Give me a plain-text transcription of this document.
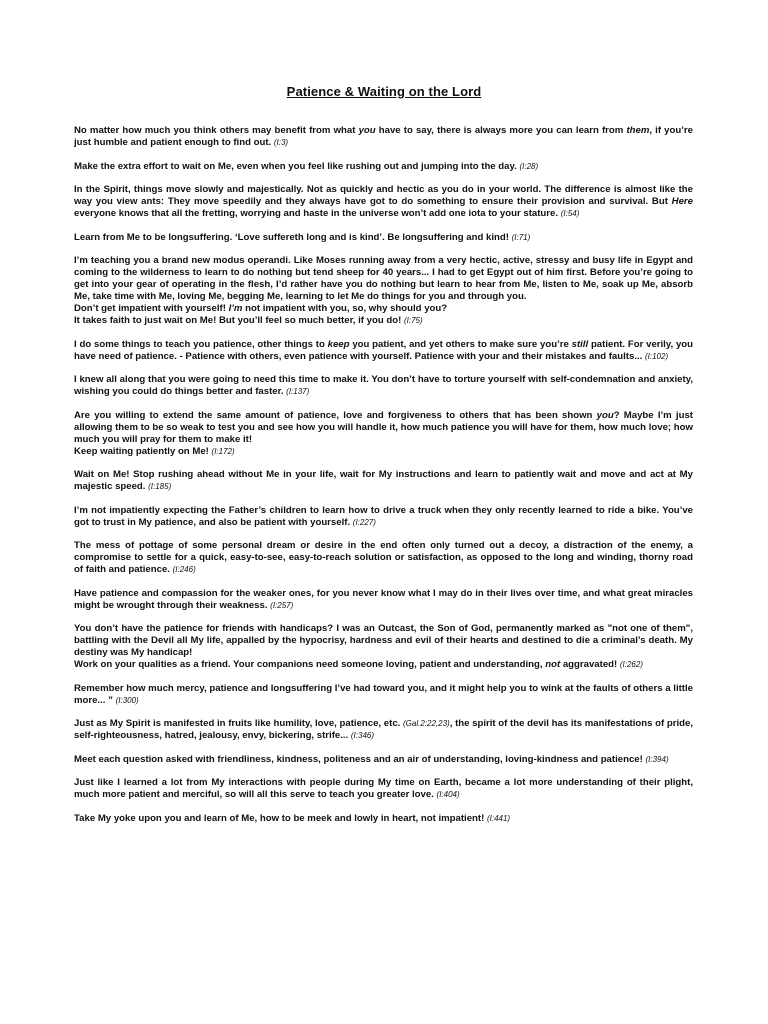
Patience & Waiting on the Lord

No matter how much you think others may benefit from what you have to say, there is always more you can learn from them, if you’re just humble and patient enough to find out. (I:3)

Make the extra effort to wait on Me, even when you feel like rushing out and jumping into the day. (I:28)

In the Spirit, things move slowly and majestically. Not as quickly and hectic as you do in your world. The difference is almost like the way you view ants: They move speedily and they always have got to do something to ensure their provision and survival. But Here everyone knows that all the fretting, worrying and haste in the universe won’t add one iota to your stature. (I:54)

Learn from Me to be longsuffering. ‘Love suffereth long and is kind’. Be longsuffering and kind! (I:71)

I’m teaching you a brand new modus operandi. Like Moses running away from a very hectic, active, stressy and busy life in Egypt and coming to the wilderness to learn to do nothing but tend sheep for 40 years... I had to get Egypt out of him first. Before you’re going to get into your gear of operating in the flesh, I’d rather have you do nothing but learn to hear from Me, listen to Me, soak up Me, absorb Me, take time with Me, loving Me, begging Me, learning to let Me do things for you and through you.
Don’t get impatient with yourself! I’m not impatient with you, so, why should you?
It takes faith to just wait on Me! But you’ll feel so much better, if you do! (I:75)

I do some things to teach you patience, other things to keep you patient, and yet others to make sure you’re still patient. For verily, you have need of patience. - Patience with others, even patience with yourself. Patience with your and their mistakes and faults... (I:102)

I knew all along that you were going to need this time to make it. You don’t have to torture yourself with self-condemnation and anxiety, wishing you could do things better and faster. (I:137)

Are you willing to extend the same amount of patience, love and forgiveness to others that has been shown you? Maybe I’m just allowing them to be so weak to test you and see how you will handle it, how much patience you will have for them, how much love; how much you will pray for them to make it!
Keep waiting patiently on Me! (I:172)

Wait on Me! Stop rushing ahead without Me in your life, wait for My instructions and learn to patiently wait and move and act at My majestic speed. (I:185)

I’m not impatiently expecting the Father’s children to learn how to drive a truck when they only recently learned to ride a bike. You’ve got to trust in My patience, and also be patient with yourself. (I:227)

The mess of pottage of some personal dream or desire in the end often only turned out a decoy, a distraction of the enemy, a compromise to settle for a quick, easy-to-see, easy-to-reach solution or satisfaction, as opposed to the long and winding, thorny road of faith and patience. (I:246)

Have patience and compassion for the weaker ones, for you never know what I may do in their lives over time, and what great miracles might be wrought through their weakness. (I:257)

You don’t have the patience for friends with handicaps? I was an Outcast, the Son of God, permanently marked as "not one of them", battling with the Devil all My life, appalled by the hypocrisy, hardness and evil of their hearts and destined to die a criminal’s death. My destiny was My handicap!
Work on your qualities as a friend. Your companions need someone loving, patient and understanding, not aggravated! (I:262)

Remember how much mercy, patience and longsuffering I’ve had toward you, and it might help you to wink at the faults of others a little more... ” (I:300)

Just as My Spirit is manifested in fruits like humility, love, patience, etc. (Gal.2:22,23), the spirit of the devil has its manifestations of pride, self-righteousness, hatred, jealousy, envy, bickering, strife... (I:346)

Meet each question asked with friendliness, kindness, politeness and an air of understanding, loving-kindness and patience! (I:394)

Just like I learned a lot from My interactions with people during My time on Earth, became a lot more understanding of their plight, much more patient and merciful, so will all this serve to teach you greater love. (I:404)

Take My yoke upon you and learn of Me, how to be meek and lowly in heart, not impatient! (I:441)
